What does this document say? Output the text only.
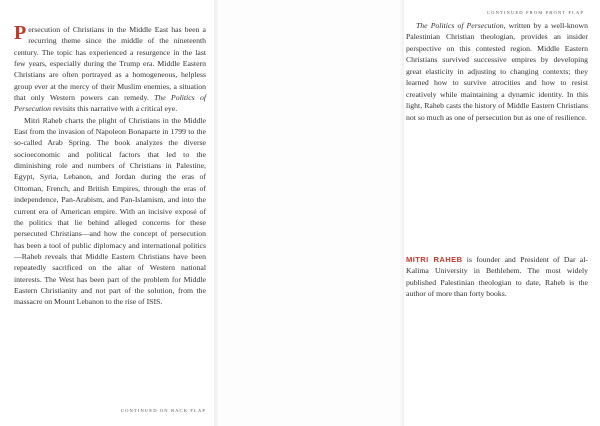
Persecution of Christians in the Middle East has been a recurring theme since the middle of the nineteenth century. The topic has experienced a resurgence in the last few years, especially during the Trump era. Middle Eastern Christians are often portrayed as a homogeneous, helpless group ever at the mercy of their Muslim enemies, a situation that only Western powers can remedy. The Politics of Persecution revisits this narrative with a critical eye.

Mitri Raheb charts the plight of Christians in the Middle East from the invasion of Napoleon Bonaparte in 1799 to the so-called Arab Spring. The book analyzes the diverse socioeconomic and political factors that led to the diminishing role and numbers of Christians in Palestine, Egypt, Syria, Lebanon, and Jordan during the eras of Ottoman, French, and British Empires, through the eras of independence, Pan-Arabism, and Pan-Islamism, and into the current era of American empire. With an incisive exposé of the politics that lie behind alleged concerns for these persecuted Christians—and how the concept of persecution has been a tool of public diplomacy and international politics—Raheb reveals that Middle Eastern Christians have been repeatedly sacrificed on the altar of Western national interests. The West has been part of the problem for Middle Eastern Christianity and not part of the solution, from the massacre on Mount Lebanon to the rise of ISIS.

CONTINUED ON BACK FLAP
CONTINUED FROM FRONT FLAP

The Politics of Persecution, written by a well-known Palestinian Christian theologian, provides an insider perspective on this contested region. Middle Eastern Christians survived successive empires by developing great elasticity in adjusting to changing contexts; they learned how to survive atrocities and how to resist creatively while maintaining a dynamic identity. In this light, Raheb casts the history of Middle Eastern Christians not so much as one of persecution but as one of resilience.

MITRI RAHEB is founder and President of Dar al-Kalima University in Bethlehem. The most widely published Palestinian theologian to date, Raheb is the author of more than forty books.
